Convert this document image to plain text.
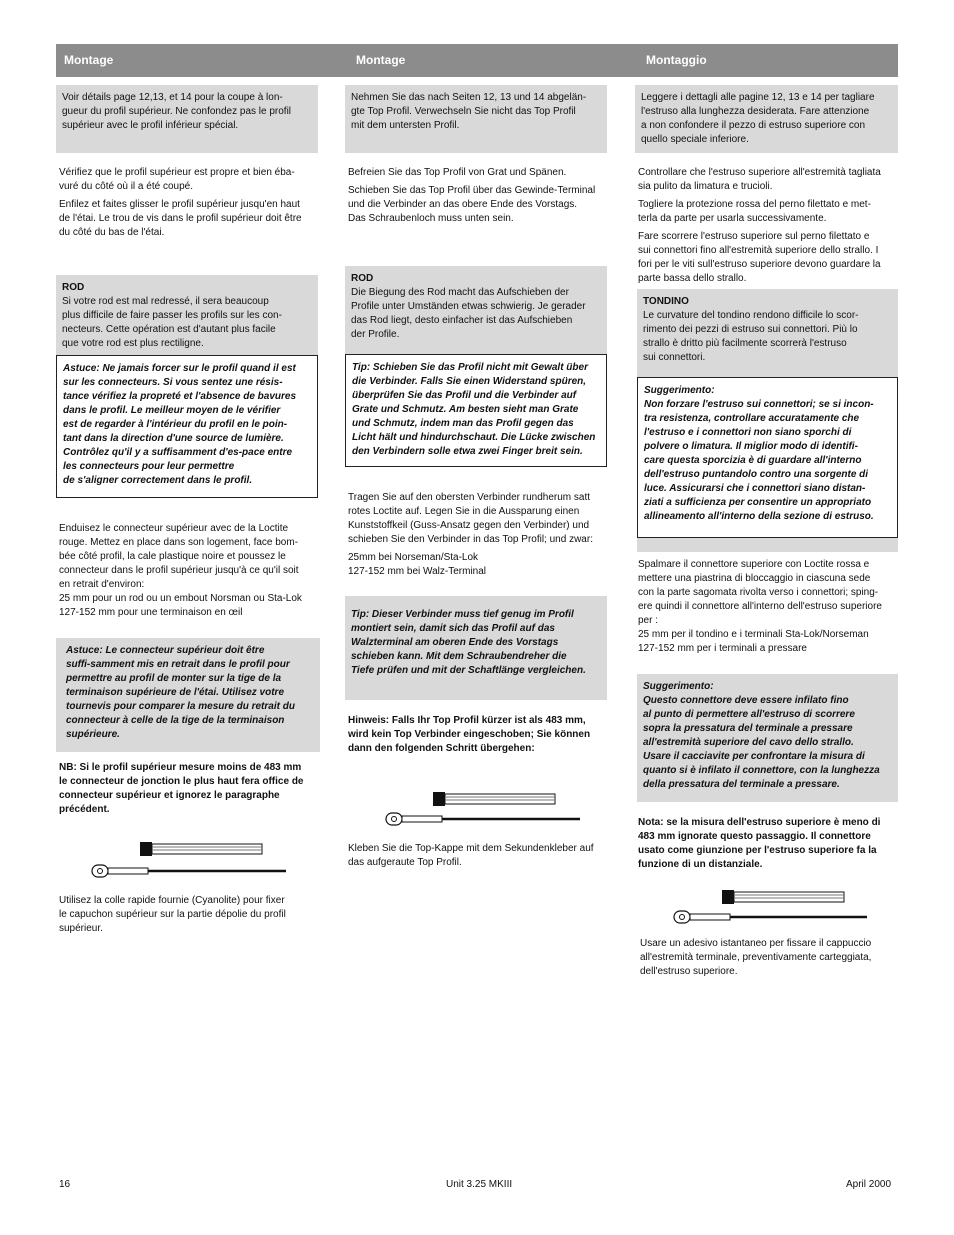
Montage	Montage	Montaggio

Voir détails page 12,13, et 14 pour la coupe à lon-
gueur du profil supérieur. Ne confondez pas le profil
supérieur avec le profil inférieur spécial.

Vérifiez que le profil supérieur est propre et bien éba-
vuré du côté où il a été coupé.

Enfilez et faites glisser le profil supérieur jusqu'en haut
de l'étai. Le trou de vis dans le profil supérieur doit être
du côté du bas de l'étai.

ROD

Si votre rod est mal redressé, il sera beaucoup
plus difficile de faire passer les profils sur les con-
necteurs. Cette opération est d'autant plus facile
que votre rod est plus rectiligne.

Astuce: Ne jamais forcer sur le profil quand il est
sur les connecteurs. Si vous sentez une résis-
tance vérifiez la propreté et l'absence de bavures
dans le profil. Le meilleur moyen de le vérifier
est de regarder à l'intérieur du profil en le poin-
tant dans la direction d'une source de lumière.
Contrôlez qu'il y a suffisamment d'es-pace entre
les connecteurs pour leur permettre
de s'aligner correctement dans le profil.

Enduisez le connecteur supérieur avec de la Loctite
rouge. Mettez en place dans son logement, face bom-
bée côté profil, la cale plastique noire et poussez le
connecteur dans le profil supérieur jusqu'à ce qu'il soit
en retrait d'environ:
25 mm pour un rod ou un embout Norsman ou Sta-Lok
127-152 mm pour une terminaison en œil

Astuce: Le connecteur supérieur doit être
suffi-samment mis en retrait dans le profil pour
permettre au profil de monter sur la tige de la
terminaison supérieure de l'étai. Utilisez votre
tournevis pour comparer la mesure du retrait du
connecteur à celle de la tige de la terminaison
supérieure.

NB: Si le profil supérieur mesure moins de 483 mm
le connecteur de jonction le plus haut fera office de
connecteur supérieur et ignorez le paragraphe
précédent.

Utilisez la colle rapide fournie (Cyanolite) pour fixer
le capuchon supérieur sur la partie dépolie du profil
supérieur.

Nehmen Sie das nach Seiten 12, 13 und 14 abgelän-
gte Top Profil. Verwechseln Sie nicht das Top Profil
mit dem untersten Profil.

Befreien Sie das Top Profil von Grat und Spänen.

Schieben Sie das Top Profil über das Gewinde-Terminal
und die Verbinder an das obere Ende des Vorstags.
Das Schraubenloch muss unten sein.

ROD

Die Biegung des Rod macht das Aufschieben der
Profile unter Umständen etwas schwierig. Je gerader
das Rod liegt, desto einfacher ist das Aufschieben
der Profile.

Tip: Schieben Sie das Profil nicht mit Gewalt über
die Verbinder. Falls Sie einen Widerstand spüren,
überprüfen Sie das Profil und die Verbinder auf
Grate und Schmutz. Am besten sieht man Grate
und Schmutz, indem man das Profil gegen das
Licht hält und hindurchschaut. Die Lücke zwischen
den Verbindern solle etwa zwei Finger breit sein.

Tragen Sie auf den obersten Verbinder rundherum satt
rotes Loctite auf. Legen Sie in die Aussparung einen
Kunststoffkeil (Guss-Ansatz gegen den Verbinder) und
schieben Sie den Verbinder in das Top Profil; und zwar:

25mm bei Norseman/Sta-Lok
127-152 mm bei Walz-Terminal

Tip: Dieser Verbinder muss tief genug im Profil
montiert sein, damit sich das Profil auf das
Walzterminal am oberen Ende des Vorstags
schieben kann. Mit dem Schraubendreher die
Tiefe prüfen und mit der Schaftlänge vergleichen.

Hinweis: Falls Ihr Top Profil kürzer ist als 483 mm,
wird kein Top Verbinder eingeschoben; Sie können
dann den folgenden Schritt übergehen:

Kleben Sie die Top-Kappe mit dem Sekundenkleber auf
das aufgeraute Top Profil.

Leggere i dettagli alle pagine 12, 13 e 14 per tagliare
l'estruso alla lunghezza desiderata. Fare attenzione
a non confondere il pezzo di estruso superiore con
quello speciale inferiore.

Controllare che l'estruso superiore all'estremità tagliata
sia pulito da limatura e trucioli.

Togliere la protezione rossa del perno filettato e met-
terla da parte per usarla successivamente.

Fare scorrere l'estruso superiore sul perno filettato e
sui connettori fino all'estremità superiore dello strallo. I
fori per le viti sull'estruso superiore devono guardare la
parte bassa dello strallo.

TONDINO

Le curvature del tondino rendono difficile lo scor-
rimento dei pezzi di estruso sui connettori. Più lo
strallo è dritto più facilmente scorrerà l'estruso
sui connettori.

Suggerimento:

Non forzare l'estruso sui connettori; se si incon-
tra resistenza, controllare accuratamente che
l'estruso e i connettori non siano sporchi di
polvere o limatura. Il miglior modo di identifi-
care questa sporcizia è di guardare all'interno
dell'estruso puntandolo contro una sorgente di
luce. Assicurarsi che i connettori siano distan-
ziati a sufficienza per consentire un appropriato
allineamento all'interno della sezione di estruso.

Spalmare il connettore superiore con Loctite rossa e
mettere una piastrina di bloccaggio in ciascuna sede
con la parte sagomata rivolta verso i connettori; sping-
ere quindi il connettore all'interno dell'estruso superiore
per :
25 mm per il tondino e i terminali Sta-Lok/Norseman
127-152 mm per i terminali a pressare

Suggerimento:

Questo connettore deve essere infilato fino
al punto di permettere all'estruso di scorrere
sopra la pressatura del terminale a pressare
all'estremità superiore del cavo dello strallo.
Usare il cacciavite per confrontare la misura di
quanto si è infilato il connettore, con la lunghezza
della pressatura del terminale a pressare.

Nota: se la misura dell'estruso superiore è meno di
483 mm ignorate questo passaggio. Il connettore
usato come giunzione per l'estruso superiore fa la
funzione di un distanziale.

Usare un adesivo istantaneo per fissare il cappuccio
all'estremità terminale, preventivamente carteggiata,
dell'estruso superiore.

16	Unit 3.25 MKIII	April 2000
